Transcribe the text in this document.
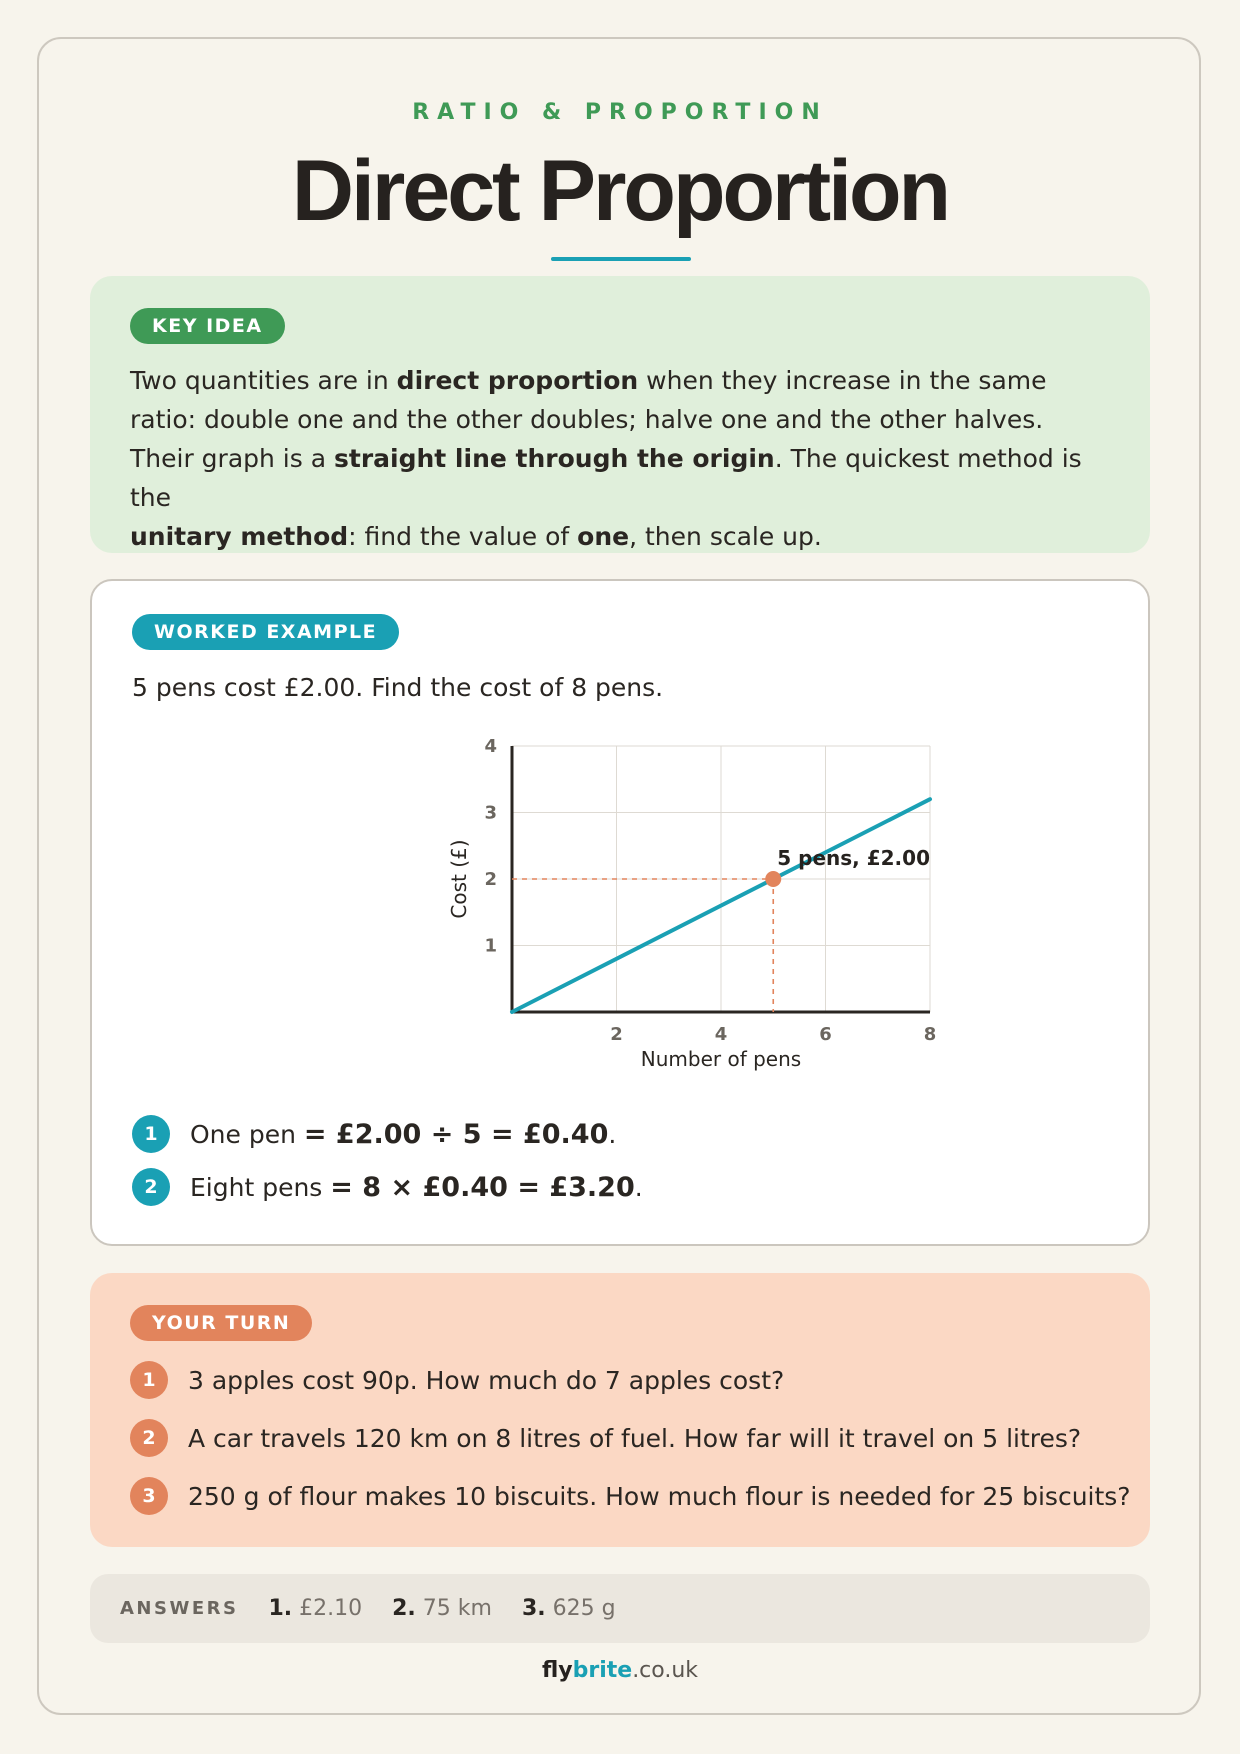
RATIO & PROPORTION
Direct Proportion
KEY IDEA
Two quantities are in direct proportion when they increase in the same
ratio: double one and the other doubles; halve one and the other halves.
Their graph is a straight line through the origin. The quickest method is the
unitary method: find the value of one, then scale up.
WORKED EXAMPLE
5 pens cost £2.00. Find the cost of 8 pens.
2	4	6	8
1
2
3
4
Number of pens
Cost (£)	5 pens, £2.00
1	One pen = £2.00 ÷ 5 = £0.40.
2	Eight pens = 8 × £0.40 = £3.20.
YOUR TURN
1	3 apples cost 90p. How much do 7 apples cost?
2	A car travels 120 km on 8 litres of fuel. How far will it travel on 5 litres?
3	250 g of flour makes 10 biscuits. How much flour is needed for 25 biscuits?
ANSWERS 1. £2.10 2. 75 km 3. 625 g
flybrite.co.uk
